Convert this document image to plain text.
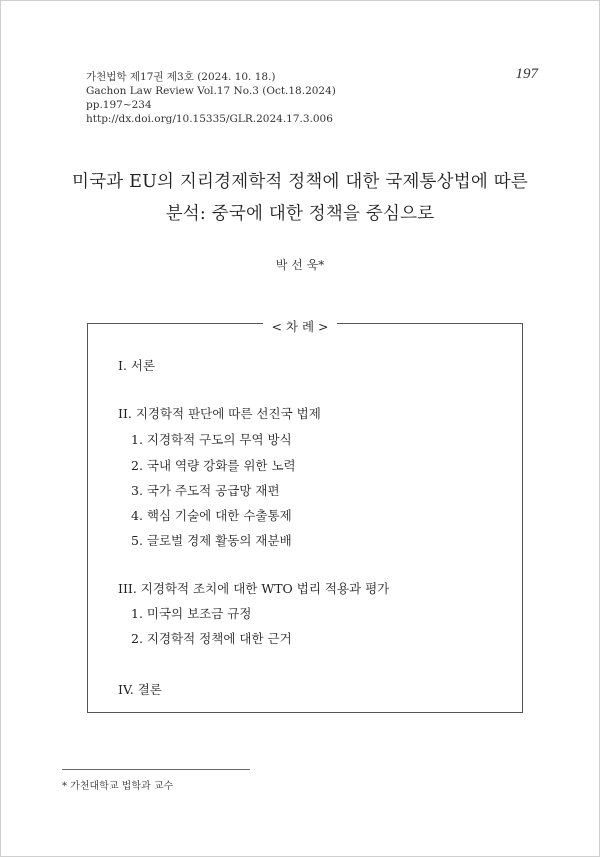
가천법학 제17권 제3호 (2024. 10. 18.)
Gachon Law Review Vol.17 No.3 (Oct.18.2024)
pp.197~234
http://dx.doi.org/10.15335/GLR.2024.17.3.006
197
미국과 EU의 지리경제학적 정책에 대한 국제통상법에 따른
분석: 중국에 대한 정책을 중심으로
박 선 욱*
< 차 례 >
I. 서론
II. 지경학적 판단에 따른 선진국 법제
1. 지경학적 구도의 무역 방식
2. 국내 역량 강화를 위한 노력
3. 국가 주도적 공급망 재편
4. 핵심 기술에 대한 수출통제
5. 글로벌 경제 활동의 재분배
III. 지경학적 조치에 대한 WTO 법리 적용과 평가
1. 미국의 보조금 규정
2. 지경학적 정책에 대한 근거
IV. 결론
* 가천대학교 법학과 교수
